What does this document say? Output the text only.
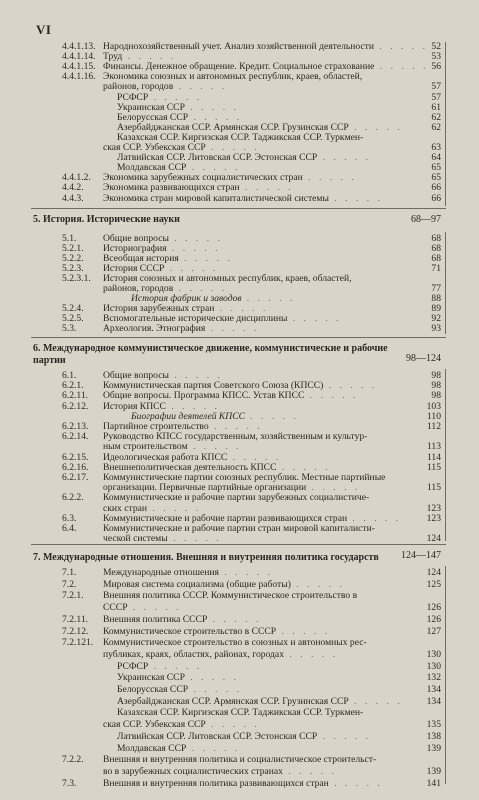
VI
4.4.1.13. Народнохозяйственный учет. Анализ хозяйственной деятельности . . . . . 52
4.4.1.14. Труд . . . . .	53
4.4.1.15. Финансы. Денежное обращение. Кредит. Социальное страхование . . . . . 56
4.4.1.16. Экономика союзных и автономных республик, краев, областей,
районов, городов . . . . .	57
РСФСР . . . . .	57
Украинская ССР . . . . .	61
Белорусская ССР . . . . .	62
Азербайджанская ССР. Армянская ССР. Грузинская ССР . . . . .	62
Казахская ССР. Киргизская ССР. Таджикская ССР. Туркмен-
ская ССР. Узбекская ССР . . . . .	63
Латвийская ССР. Литовская ССР. Эстонская ССР . . . . .	64
Молдавская ССР . . . . .	65
4.4.1.2. Экономика зарубежных социалистических стран . . . . .	65
4.4.2. Экономика развивающихся стран . . . . .	66
4.4.3. Экономика стран мировой капиталистической системы . . . . .	66
5. История. Исторические науки	68—97
5.1.	Общие вопросы . . . . .	68
5.2.1. Историография . . . . .	68
5.2.2. Всеобщая история . . . . .	68
5.2.3. История СССР . . . . .	71
5.2.3.1. История союзных и автономных республик, краев, областей,
районов, городов . . . . .	77
История фабрик и заводов . . . . .	88
5.2.4. История зарубежных стран . . . . .	89
5.2.5. Вспомогательные исторические дисциплины . . . . .	92
5.3.	Археология. Этнография . . . . .	93
6. Международное коммунистическое движение, коммунистические и рабочие
партии	98—124
6.1.	Общие вопросы . . . . .	98
6.2.1. Коммунистическая партия Советского Союза (КПСС) . . . . .	98
6.2.11. Общие вопросы. Программа КПСС. Устав КПСС . . . . .	98
6.2.12. История КПСС . . . . .	103
Биографии деятелей КПСС . . . . .	110
6.2.13. Партийное строительство . . . . .	112
6.2.14. Руководство КПСС государственным, хозяйственным и культур-
ным строительством . . . . .	113
6.2.15. Идеологическая работа КПСС . . . . .	114
6.2.16. Внешнеполитическая деятельность КПСС . . . . .	115
6.2.17. Коммунистические партии союзных республик. Местные партийные
организации. Первичные партийные организации . . . . .	115
6.2.2. Коммунистические и рабочие партии зарубежных социалистиче-
ских стран . . . . .	123
6.3.	Коммунистические и рабочие партии развивающихся стран . . . . .	123
6.4.	Коммунистические и рабочие партии стран мировой капиталисти-
ческой системы . . . . .	124
7. Международные отношения. Внешняя и внутренняя политика государств 124—147
7.1.	Международные отношения . . . . .	124
7.2.	Мировая система социализма (общие работы) . . . . .	125
7.2.1. Внешняя политика СССР. Коммунистическое строительство в
СССР . . . . .	126
7.2.11. Внешняя политика СССР . . . . .	126
7.2.12. Коммунистическое строительство в СССР . . . . .	127
7.2.121. Коммунистическое строительство в союзных и автономных рес-
публиках, краях, областях, районах, городах . . . . .	130
РСФСР . . . . .	130
Украинская ССР . . . . .	132
Белорусская ССР . . . . .	134
Азербайджанская ССР. Армянская ССР. Грузинская ССР . . . . . 134
Казахская ССР. Киргизская ССР. Таджикская ССР. Туркмен-
ская ССР. Узбекская ССР . . . . .	135
Латвийская ССР. Литовская ССР. Эстонская ССР . . . . .	138
Молдавская ССР . . . . .	139
7.2.2. Внешняя и внутренняя политика и социалистическое строительст-
во в зарубежных социалистических странах . . . . .	139
7.3.	Внешняя и внутренняя политика развивающихся стран . . . . .	141
